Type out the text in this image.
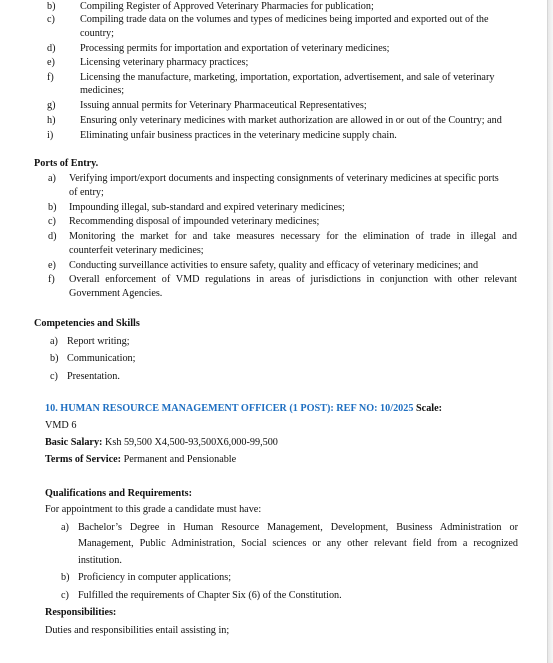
b) Compiling Register of Approved Veterinary Pharmacies for publication;
c) Compiling trade data on the volumes and types of medicines being imported and exported out of the
country;
d) Processing permits for importation and exportation of veterinary medicines;
e) Licensing veterinary pharmacy practices;
f)	Licensing the manufacture, marketing, importation, exportation, advertisement, and sale of veterinary
medicines;
g) Issuing annual permits for Veterinary Pharmaceutical Representatives;
h) Ensuring only veterinary medicines with market authorization are allowed in or out of the Country; and
i)	Eliminating unfair business practices in the veterinary medicine supply chain.
Ports of Entry.
a) Verifying import/export documents and inspecting consignments of veterinary medicines at specific ports
of entry;
b) Impounding illegal, sub-standard and expired veterinary medicines;
c) Recommending disposal of impounded veterinary medicines;
d) Monitoring the market for and take measures necessary for the elimination of trade in illegal and
counterfeit veterinary medicines;
e) Conducting surveillance activities to ensure safety, quality and efficacy of veterinary medicines; and
f) Overall enforcement of VMD regulations in areas of jurisdictions in conjunction with other relevant
Government Agencies.
Competencies and Skills
a) Report writing;
b) Communication;
c) Presentation.
10. HUMAN RESOURCE MANAGEMENT OFFICER (1 POST): REF NO: 10/2025 Scale:
VMD 6
Basic Salary: Ksh 59,500 X4,500-93,500X6,000-99,500
Terms of Service: Permanent and Pensionable
Qualifications and Requirements:
For appointment to this grade a candidate must have:
a) Bachelor’s Degree in Human Resource Management, Development, Business Administration or
Management, Public Administration, Social sciences or any other relevant field from a recognized
institution.
b) Proficiency in computer applications;
c) Fulfilled the requirements of Chapter Six (6) of the Constitution.
Responsibilities:
Duties and responsibilities entail assisting in;
